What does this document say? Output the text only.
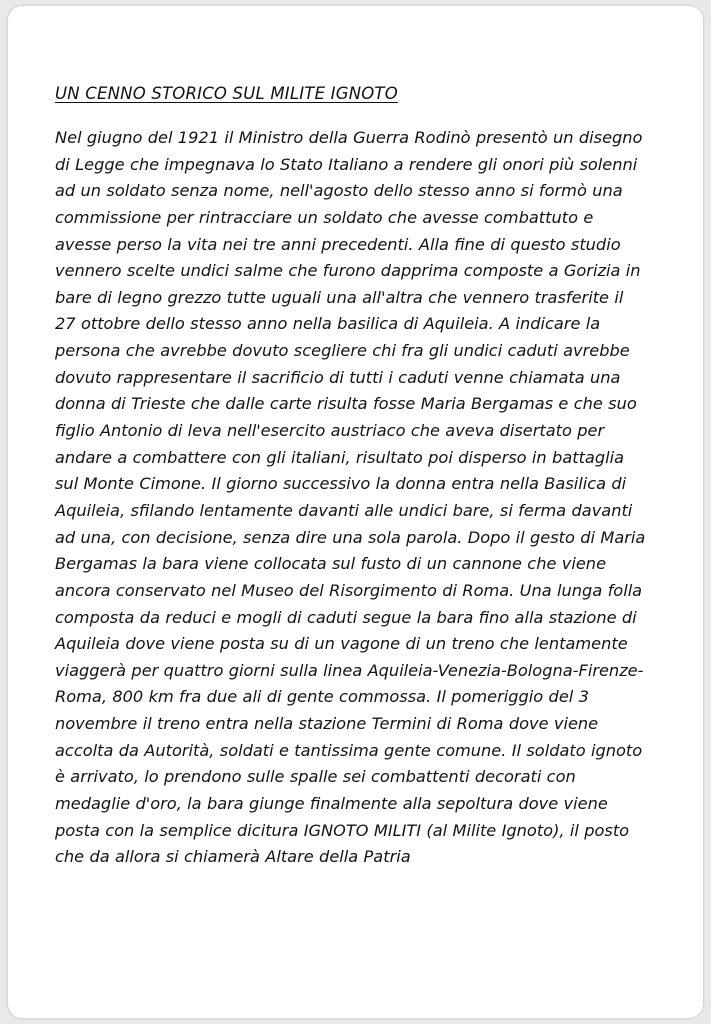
UN CENNO STORICO SUL MILITE IGNOTO

Nel giugno del 1921 il Ministro della Guerra Rodinò presentò un disegno di Legge che impegnava lo Stato Italiano a rendere gli onori più solenni ad un soldato senza nome, nell'agosto dello stesso anno si formò una commissione per rintracciare un soldato che avesse combattuto e avesse perso la vita nei tre anni precedenti. Alla fine di questo studio vennero scelte undici salme che furono dapprima composte a Gorizia in bare di legno grezzo tutte uguali una all'altra che vennero trasferite il 27 ottobre dello stesso anno nella basilica di Aquileia. A indicare la persona che avrebbe dovuto scegliere chi fra gli undici caduti avrebbe dovuto rappresentare il sacrificio di tutti i caduti venne chiamata una donna di Trieste che dalle carte risulta fosse Maria Bergamas e che suo figlio Antonio di leva nell'esercito austriaco che aveva disertato per andare a combattere con gli italiani, risultato poi disperso in battaglia sul Monte Cimone. Il giorno successivo la donna entra nella Basilica di Aquileia, sfilando lentamente davanti alle undici bare, si ferma davanti ad una, con decisione, senza dire una sola parola. Dopo il gesto di Maria Bergamas la bara viene collocata sul fusto di un cannone che viene ancora conservato nel Museo del Risorgimento di Roma. Una lunga folla composta da reduci e mogli di caduti segue la bara fino alla stazione di Aquileia dove viene posta su di un vagone di un treno che lentamente viaggerà per quattro giorni sulla linea Aquileia-Venezia-Bologna-Firenze-Roma, 800 km fra due ali di gente commossa. Il pomeriggio del 3 novembre il treno entra nella stazione Termini di Roma dove viene accolta da Autorità, soldati e tantissima gente comune. Il soldato ignoto è arrivato, lo prendono sulle spalle sei combattenti decorati con medaglie d'oro, la bara giunge finalmente alla sepoltura dove viene posta con la semplice dicitura IGNOTO MILITI (al Milite Ignoto), il posto che da allora si chiamerà Altare della Patria
